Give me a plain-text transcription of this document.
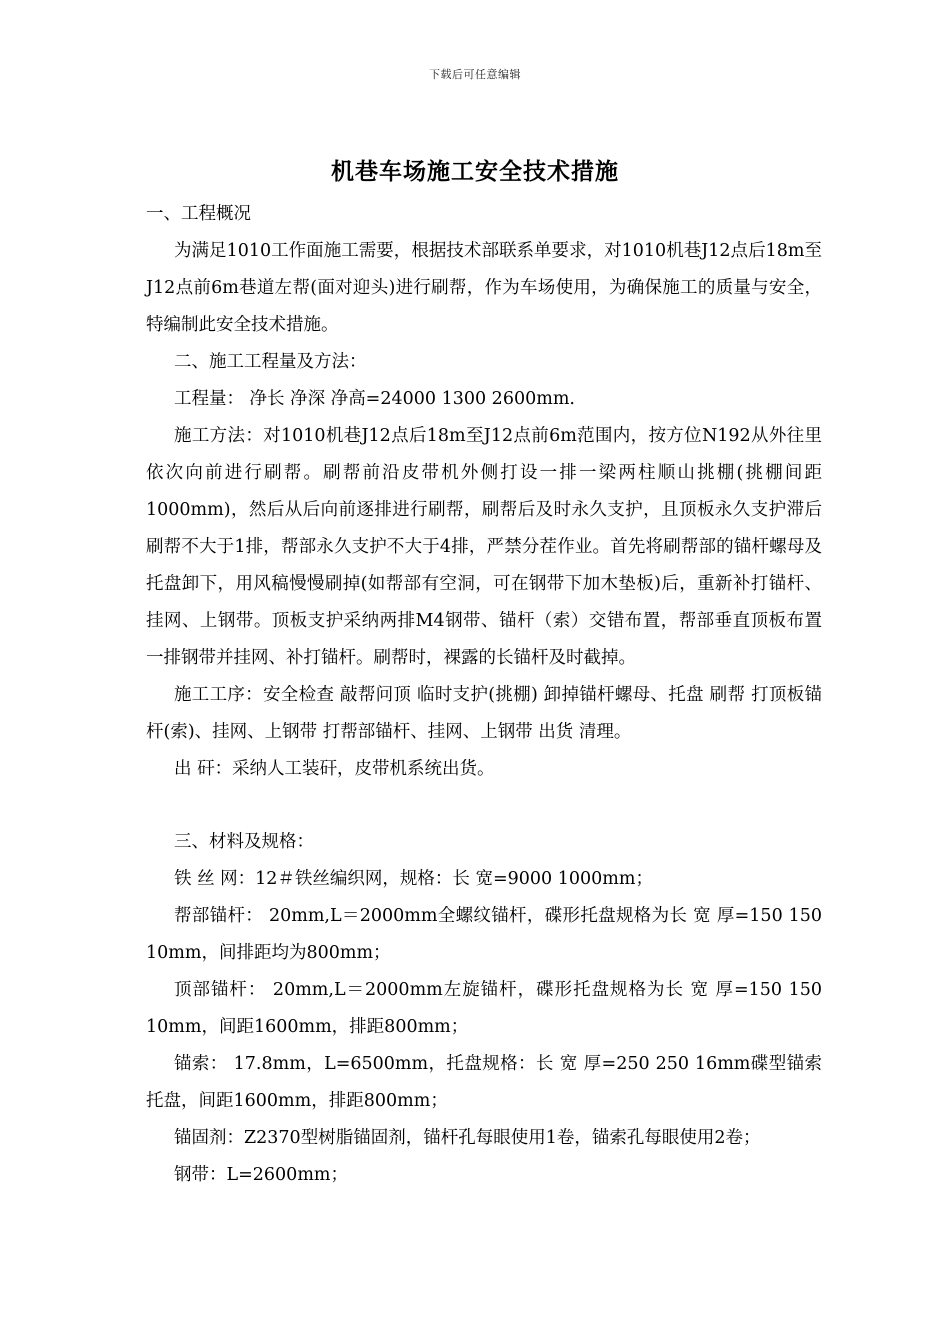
下载后可任意编辑
机巷车场施工安全技术措施

一、工程概况

为满足1010工作面施工需要，根据技术部联系单要求，对1010机巷J12点后18m至J12点前6m巷道左帮(面对迎头)进行刷帮，作为车场使用，为确保施工的质量与安全，特编制此安全技术措施。

二、施工工程量及方法：

工程量： 净长 净深 净高=24000 1300 2600mm.

施工方法：对1010机巷J12点后18m至J12点前6m范围内，按方位N192从外往里依次向前进行刷帮。刷帮前沿皮带机外侧打设一排一梁两柱顺山挑棚(挑棚间距1000mm)，然后从后向前逐排进行刷帮，刷帮后及时永久支护，且顶板永久支护滞后刷帮不大于1排，帮部永久支护不大于4排，严禁分茬作业。首先将刷帮部的锚杆螺母及托盘卸下，用风稿慢慢刷掉(如帮部有空洞，可在钢带下加木垫板)后，重新补打锚杆、挂网、上钢带。顶板支护采纳两排M4钢带、锚杆（索）交错布置，帮部垂直顶板布置一排钢带并挂网、补打锚杆。刷帮时，裸露的长锚杆及时截掉。

施工工序：安全检查 敲帮问顶 临时支护(挑棚) 卸掉锚杆螺母、托盘 刷帮 打顶板锚杆(索)、挂网、上钢带 打帮部锚杆、挂网、上钢带 出货 清理。

出 矸：采纳人工装矸，皮带机系统出货。

三、材料及规格：

铁 丝 网：12＃铁丝编织网，规格：长 宽=9000 1000mm；

帮部锚杆： 20mm,L＝2000mm全螺纹锚杆，碟形托盘规格为长 宽 厚=150 150 10mm，间排距均为800mm；

顶部锚杆： 20mm,L＝2000mm左旋锚杆，碟形托盘规格为长 宽 厚=150 150 10mm，间距1600mm，排距800mm；

锚索： 17.8mm，L=6500mm，托盘规格：长 宽 厚=250 250 16mm碟型锚索托盘，间距1600mm，排距800mm；

锚固剂：Z2370型树脂锚固剂，锚杆孔每眼使用1卷，锚索孔每眼使用2卷；

钢带：L=2600mm；
